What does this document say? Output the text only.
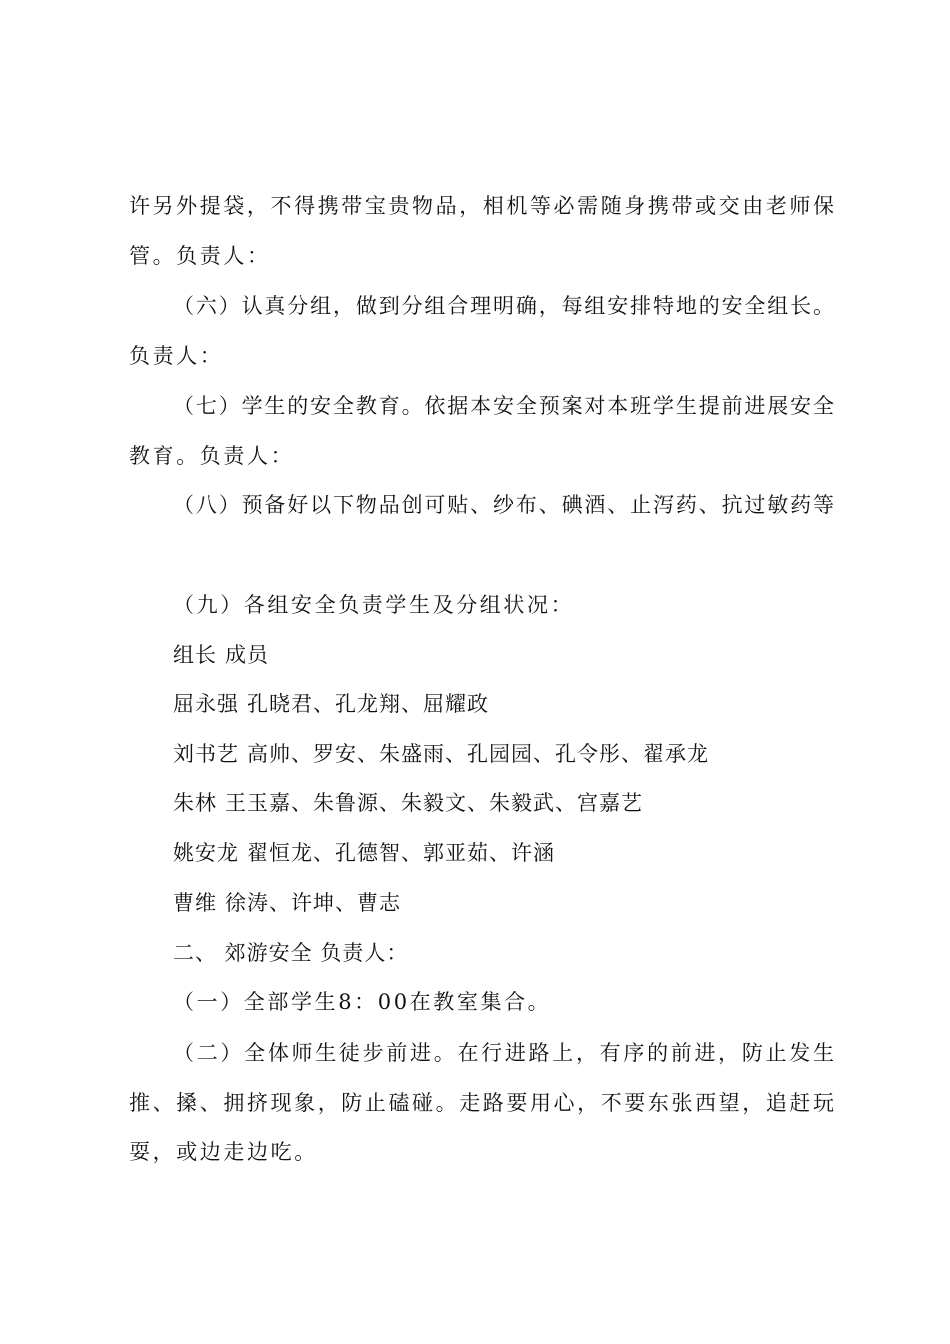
许另外提袋，不得携带宝贵物品，相机等必需随身携带或交由老师保
管。负责人：
（六）认真分组，做到分组合理明确，每组安排特地的安全组长。
负责人：
（七）学生的安全教育。依据本安全预案对本班学生提前进展安全
教育。负责人：
（八）预备好以下物品创可贴、纱布、碘酒、止泻药、抗过敏药等
（九）各组安全负责学生及分组状况：
组长 成员
屈永强 孔晓君、孔龙翔、屈耀政
刘书艺 高帅、罗安、朱盛雨、孔园园、孔令彤、翟承龙
朱林 王玉嘉、朱鲁源、朱毅文、朱毅武、宫嘉艺
姚安龙 翟恒龙、孔德智、郭亚茹、许涵
曹维 徐涛、许坤、曹志
二、 郊游安全 负责人：
（一）全部学生8：00在教室集合。
（二）全体师生徒步前进。在行进路上，有序的前进，防止发生
推、搡、拥挤现象，防止磕碰。走路要用心，不要东张西望，追赶玩
耍，或边走边吃。
